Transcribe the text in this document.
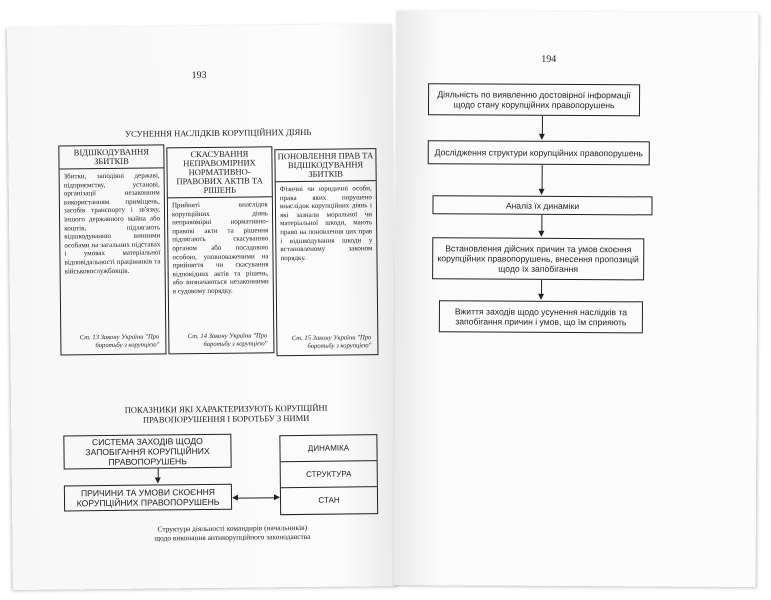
193
УСУНЕННЯ НАСЛІДКІВ КОРУПЦІЙНИХ ДІЯНЬ
ВІДШКОДУВАННЯ ЗБИТКІВ
Збитки, заподіяні державі, підприємству, установі, організації незаконним використанням приміщень, засобів транспорту і зв'язку, іншого державного майна або коштів, підлягають відшкодуванню винними особами на загальних підставах і умовах матеріальної відповідальності працівників та військовослужбовців.
Ст. 13 Закону України "Про боротьбу з корупцією"
СКАСУВАННЯ НЕПРАВОМІРНИХ НОРМАТИВНО-ПРАВОВИХ АКТІВ ТА РІШЕНЬ
Прийняті внаслідок корупційних діянь неправомірні нормативно-правові акти та рішення підлягають скасуванню органом або посадовою особою, уповноваженими на прийняття чи скасування відповідних актів та рішень, або визначаються незаконними в судовому порядку.
Ст. 14 Закону України "Про боротьбу з корупцією"
ПОНОВЛЕННЯ ПРАВ ТА ВІДШКОДУВАННЯ ЗБИТКІВ
Фізичні чи юридичні особи, права яких порушено внаслідок корупційних діянь і які зазнали моральної чи матеріальної шкоди, мають право на поновлення цих прав і відшкодування шкоди у встановленому законом порядку.
Ст. 15 Закону України "Про боротьбу з корупцією"
ПОКАЗНИКИ ЯКІ ХАРАКТЕРИЗУЮТЬ КОРУПЦІЙНІ ПРАВОПОРУШЕННЯ І БОРОТЬБУ З НИМИ
СИСТЕМА ЗАХОДІВ ЩОДО ЗАПОБІГАННЯ КОРУПЦІЙНИХ ПРАВОПОРУШЕНЬ
ПРИЧИНИ ТА УМОВИ СКОЄННЯ КОРУПЦІЙНИХ ПРАВОПОРУШЕНЬ
ДИНАМІКА
СТРУКТУРА
СТАН
Структура діяльності командирів (начальників)
щодо виконання антикорупційного законодавства
194
Діяльність по виявленню достовірної інформації щодо стану корупційних правопорушень
Дослідження структури корупційних правопорушень
Аналіз їх динаміки
Встановлення дійсних причин та умов скоєння корупційних правопорушень, внесення пропозицій щодо їх запобігання
Вжиття заходів щодо усунення наслідків та запобігання причин і умов, що їм сприяють
